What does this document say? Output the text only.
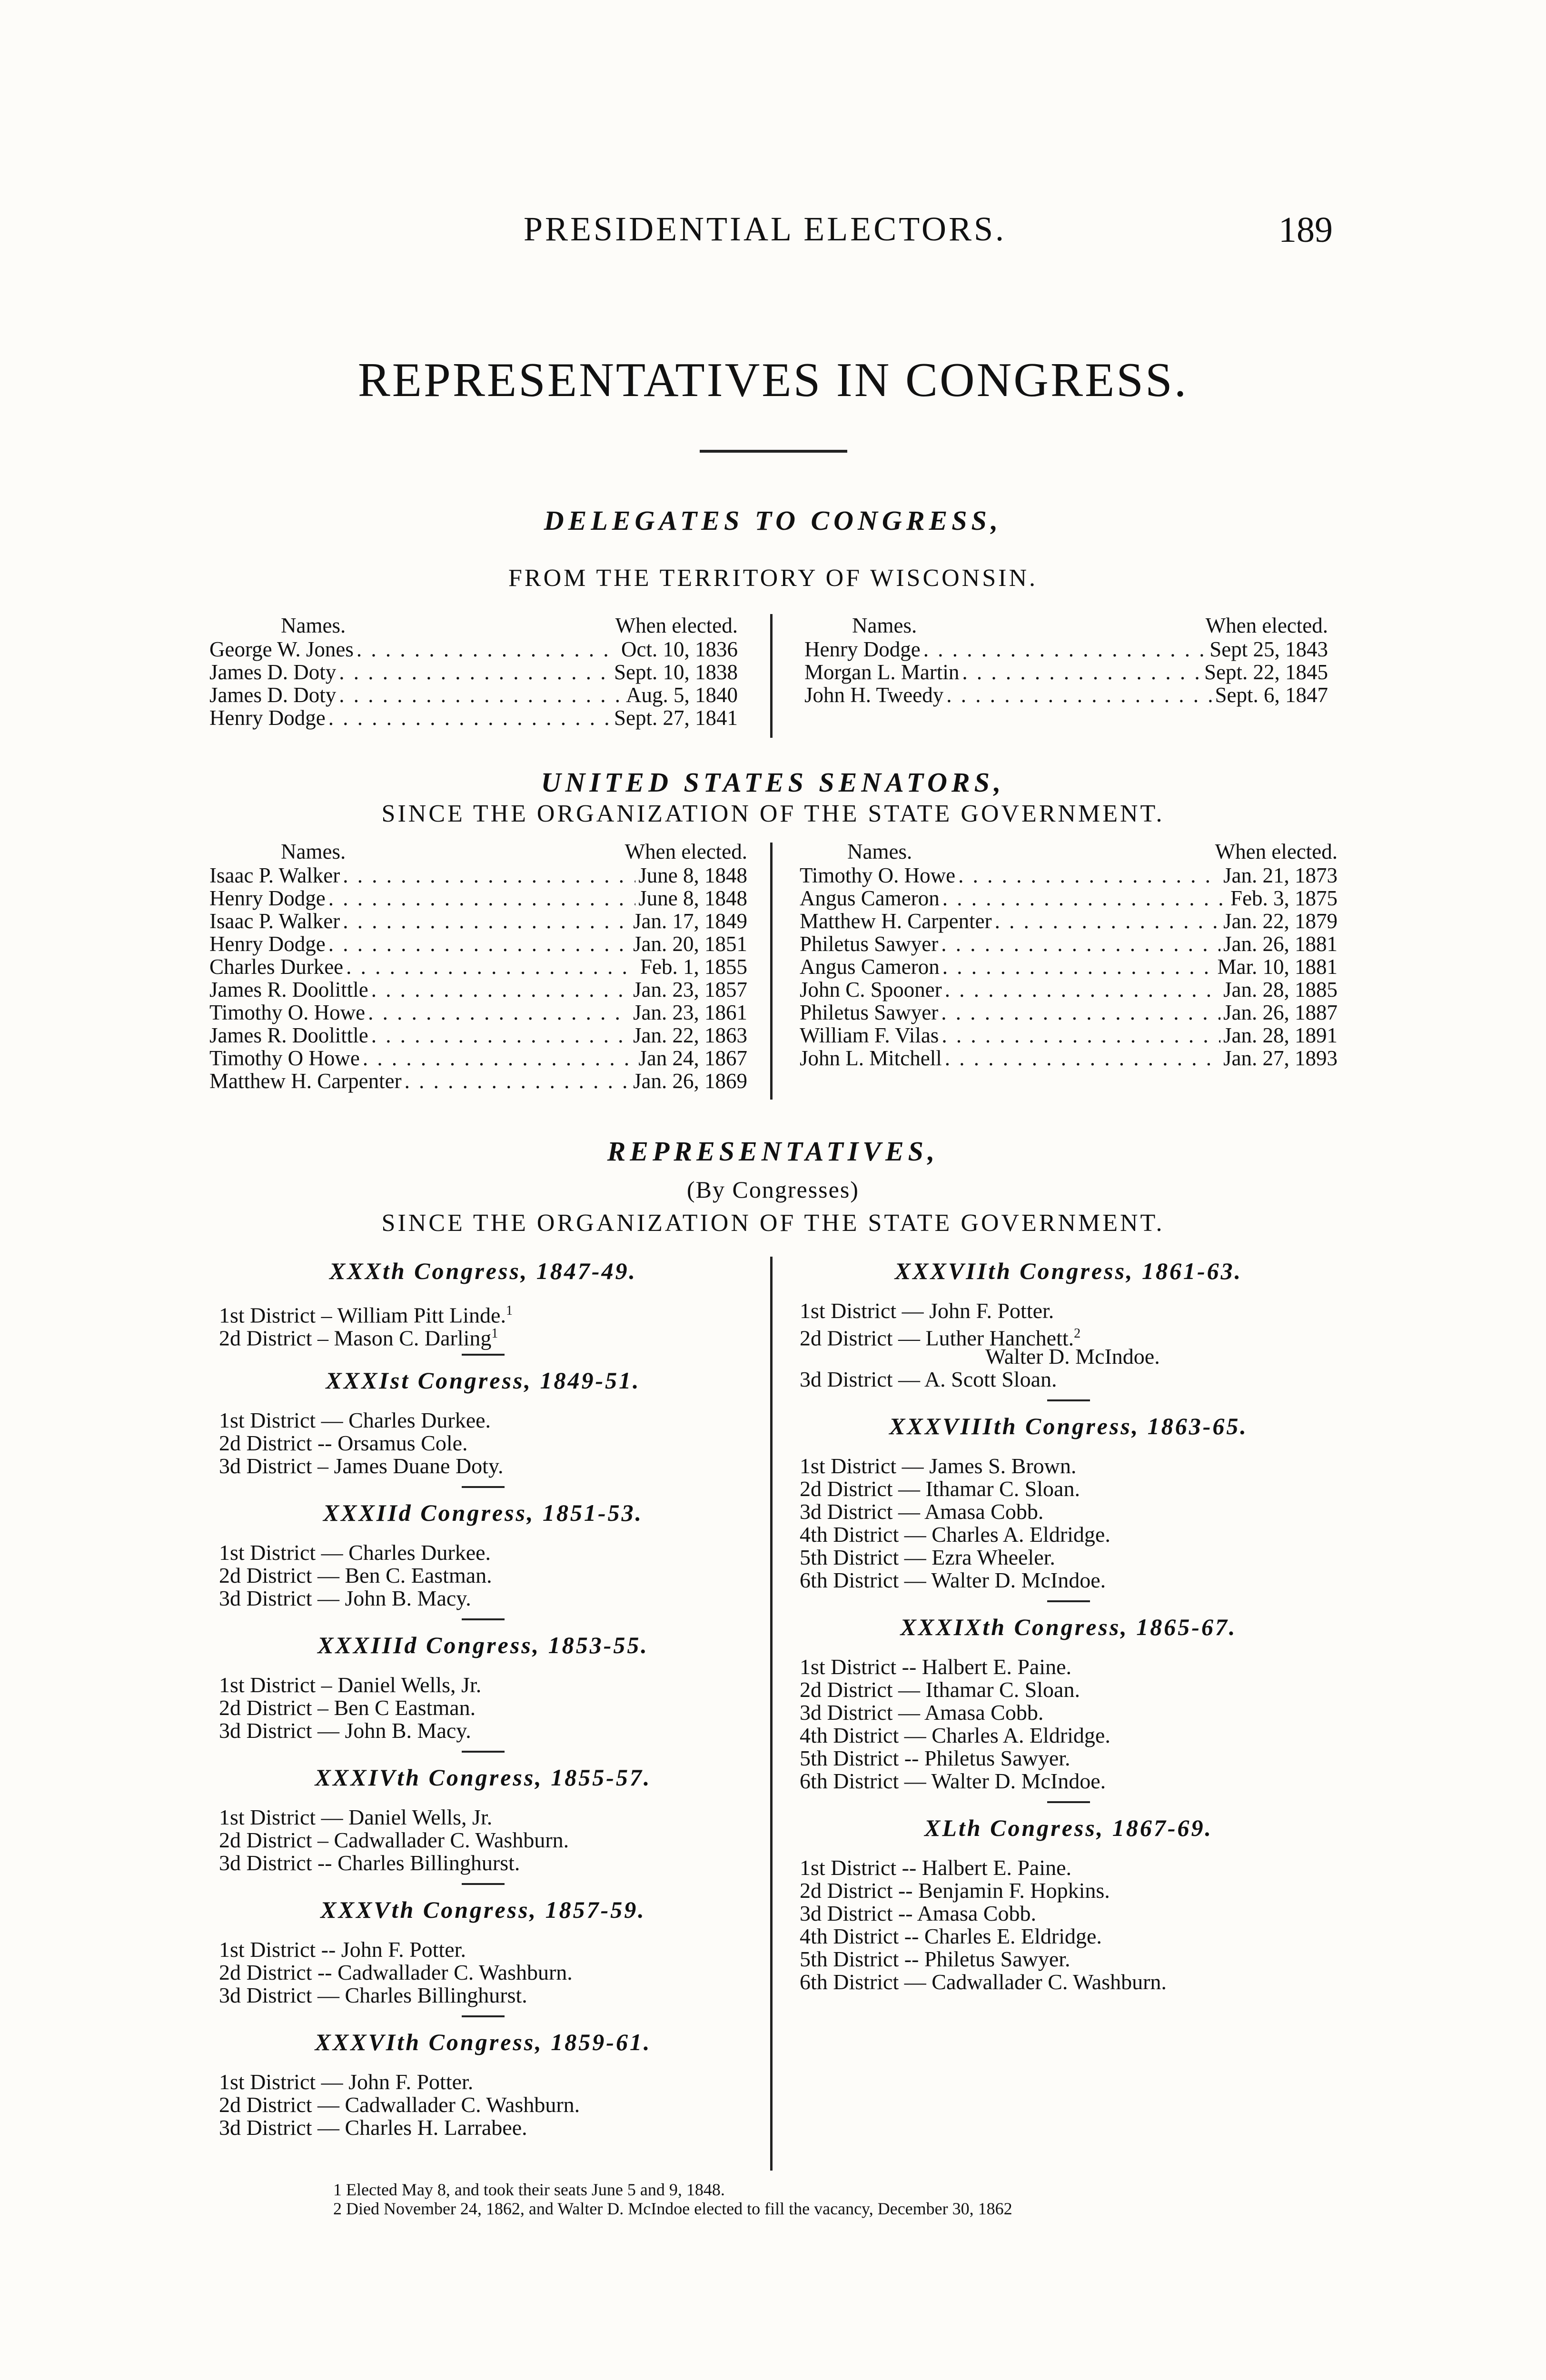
PRESIDENTIAL ELECTORS.	189
REPRESENTATIVES IN CONGRESS.
DELEGATES TO CONGRESS,
FROM THE TERRITORY OF WISCONSIN.
Names.	When elected.
George W. Jones . . .	Oct. 10, 1836
James D. Doty . . .	Sept. 10, 1838
James D. Doty . . .	Aug. 5, 1840
Henry Dodge . . .	Sept. 27, 1841
Names.	When elected.
Henry Dodge . . .	Sept 25, 1843
Morgan L. Martin . . .	Sept. 22, 1845
John H. Tweedy . . .	Sept. 6, 1847
UNITED STATES SENATORS,
SINCE THE ORGANIZATION OF THE STATE GOVERNMENT.
Names.	When elected.
Isaac P. Walker . . .	June 8, 1848
Henry Dodge . . .	June 8, 1848
Isaac P. Walker . . .	Jan. 17, 1849
Henry Dodge . . .	Jan. 20, 1851
Charles Durkee . . .	Feb. 1, 1855
James R. Doolittle . . .	Jan. 23, 1857
Timothy O. Howe . . .	Jan. 23, 1861
James R. Doolittle . . .	Jan. 22, 1863
Timothy O Howe . . .	Jan 24, 1867
Matthew H. Carpenter . . .	Jan. 26, 1869
Names.	When elected.
Timothy O. Howe . . .	Jan. 21, 1873
Angus Cameron . . .	Feb. 3, 1875
Matthew H. Carpenter . . .	Jan. 22, 1879
Philetus Sawyer . . .	Jan. 26, 1881
Angus Cameron . . .	Mar. 10, 1881
John C. Spooner . . .	Jan. 28, 1885
Philetus Sawyer . . .	Jan. 26, 1887
William F. Vilas . . .	Jan. 28, 1891
John L. Mitchell . . .	Jan. 27, 1893
REPRESENTATIVES,
(By Congresses)
SINCE THE ORGANIZATION OF THE STATE GOVERNMENT.
XXXth Congress, 1847-49.
1st District – William Pitt Linde.$^1$
2d District – Mason C. Darling$^1$
XXXIst Congress, 1849-51.
1st District — Charles Durkee.
2d District -- Orsamus Cole.
3d District – James Duane Doty.
XXXIId Congress, 1851-53.
1st District — Charles Durkee.
2d District — Ben C. Eastman.
3d District — John B. Macy.
XXXIIId Congress, 1853-55.
1st District – Daniel Wells, Jr.
2d District – Ben C Eastman.
3d District — John B. Macy.
XXXIVth Congress, 1855-57.
1st District — Daniel Wells, Jr.
2d District – Cadwallader C. Washburn.
3d District -- Charles Billinghurst.
XXXVth Congress, 1857-59.
1st District -- John F. Potter.
2d District -- Cadwallader C. Washburn.
3d District — Charles Billinghurst.
XXXVIth Congress, 1859-61.
1st District — John F. Potter.
2d District — Cadwallader C. Washburn.
3d District — Charles H. Larrabee.
XXXVIIth Congress, 1861-63.
1st District — John F. Potter.
2d District — Luther Hanchett.$^2$
Walter D. McIndoe.
3d District — A. Scott Sloan.
XXXVIIIth Congress, 1863-65.
1st District — James S. Brown.
2d District — Ithamar C. Sloan.
3d District — Amasa Cobb.
4th District — Charles A. Eldridge.
5th District — Ezra Wheeler.
6th District — Walter D. McIndoe.
XXXIXth Congress, 1865-67.
1st District -- Halbert E. Paine.
2d District — Ithamar C. Sloan.
3d District — Amasa Cobb.
4th District — Charles A. Eldridge.
5th District -- Philetus Sawyer.
6th District — Walter D. McIndoe.
XLth Congress, 1867-69.
1st District -- Halbert E. Paine.
2d District -- Benjamin F. Hopkins.
3d District -- Amasa Cobb.
4th District -- Charles E. Eldridge.
5th District -- Philetus Sawyer.
6th District — Cadwallader C. Washburn.
1 Elected May 8, and took their seats June 5 and 9, 1848.
2 Died November 24, 1862, and Walter D. McIndoe elected to fill the vacancy, December 30, 1862
